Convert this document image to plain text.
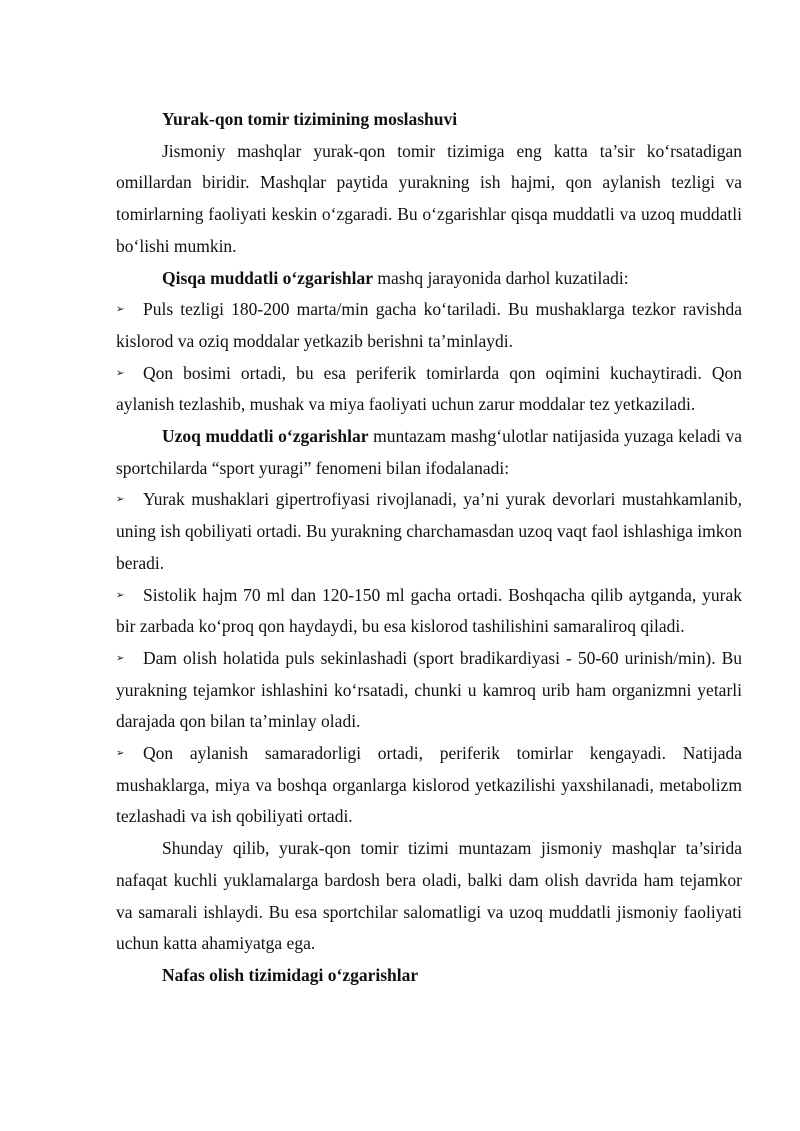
Yurak-qon tomir tizimining moslashuvi

Jismoniy mashqlar yurak-qon tomir tizimiga eng katta ta’sir ko‘rsatadigan omillardan biridir. Mashqlar paytida yurakning ish hajmi, qon aylanish tezligi va tomirlarning faoliyati keskin o‘zgaradi. Bu o‘zgarishlar qisqa muddatli va uzoq muddatli bo‘lishi mumkin.

Qisqa muddatli o‘zgarishlar mashq jarayonida darhol kuzatiladi:

➢ Puls tezligi 180-200 marta/min gacha ko‘tariladi. Bu mushaklarga tezkor ravishda kislorod va oziq moddalar yetkazib berishni ta’minlaydi.

➢ Qon bosimi ortadi, bu esa periferik tomirlarda qon oqimini kuchaytiradi. Qon aylanish tezlashib, mushak va miya faoliyati uchun zarur moddalar tez yetkaziladi.

Uzoq muddatli o‘zgarishlar muntazam mashg‘ulotlar natijasida yuzaga keladi va sportchilarda “sport yuragi” fenomeni bilan ifodalanadi:

➢ Yurak mushaklari gipertrofiyasi rivojlanadi, ya’ni yurak devorlari mustahkamlanib, uning ish qobiliyati ortadi. Bu yurakning charchamasdan uzoq vaqt faol ishlashiga imkon beradi.

➢ Sistolik hajm 70 ml dan 120-150 ml gacha ortadi. Boshqacha qilib aytganda, yurak bir zarbada ko‘proq qon haydaydi, bu esa kislorod tashilishini samaraliroq qiladi.

➢ Dam olish holatida puls sekinlashadi (sport bradikardiyasi - 50-60 urinish/min). Bu yurakning tejamkor ishlashini ko‘rsatadi, chunki u kamroq urib ham organizmni yetarli darajada qon bilan ta’minlay oladi.

➢ Qon aylanish samaradorligi ortadi, periferik tomirlar kengayadi. Natijada mushaklarga, miya va boshqa organlarga kislorod yetkazilishi yaxshilanadi, metabolizm tezlashadi va ish qobiliyati ortadi.

Shunday qilib, yurak-qon tomir tizimi muntazam jismoniy mashqlar ta’sirida nafaqat kuchli yuklamalarga bardosh bera oladi, balki dam olish davrida ham tejamkor va samarali ishlaydi. Bu esa sportchilar salomatligi va uzoq muddatli jismoniy faoliyati uchun katta ahamiyatga ega.

Nafas olish tizimidagi o‘zgarishlar
